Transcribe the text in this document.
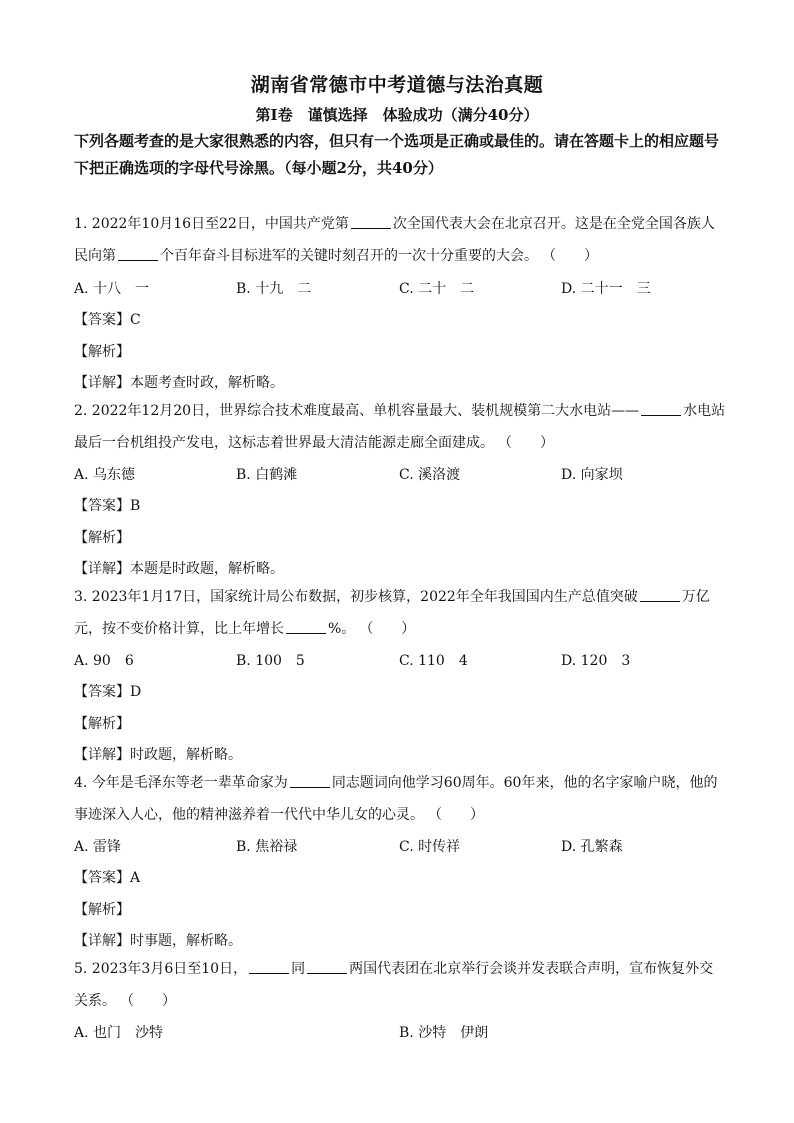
湖南省常德市中考道德与法治真题
第Ⅰ卷　谨慎选择　体验成功（满分40分）
下列各题考查的是大家很熟悉的内容，但只有一个选项是正确或最佳的。请在答题卡上的相应题号下把正确选项的字母代号涂黑。（每小题2分，共40分）
1. 2022年10月16日至22日，中国共产党第	次全国代表大会在北京召开。这是在全党全国各族人
民向第	个百年奋斗目标进军的关键时刻召开的一次十分重要的大会。 （　　）
A. 十八　一	B. 十九　二	C. 二十　二	D. 二十一　三
【答案】C
【解析】
【详解】本题考查时政，解析略。
2. 2022年12月20日，世界综合技术难度最高、单机容量最大、装机规模第二大水电站——	水电站
最后一台机组投产发电，这标志着世界最大清洁能源走廊全面建成。 （　　）
A. 乌东德	B. 白鹤滩	C. 溪洛渡	D. 向家坝
【答案】B
【解析】
【详解】本题是时政题，解析略。
3. 2023年1月17日，国家统计局公布数据，初步核算，2022年全年我国国内生产总值突破	万亿
元，按不变价格计算，比上年增长	%。 （　　）
A. 90　6	B. 100　5	C. 110　4	D. 120　3
【答案】D
【解析】
【详解】时政题，解析略。
4. 今年是毛泽东等老一辈革命家为	同志题词向他学习60周年。60年来，他的名字家喻户晓，他的
事迹深入人心，他的精神滋养着一代代中华儿女的心灵。 （　　）
A. 雷锋	B. 焦裕禄	C. 时传祥	D. 孔繁森
【答案】A
【解析】
【详解】时事题，解析略。
5. 2023年3月6日至10日，	同	两国代表团在北京举行会谈并发表联合声明，宣布恢复外交
关系。 （　　）
A. 也门　沙特	B. 沙特　伊朗
